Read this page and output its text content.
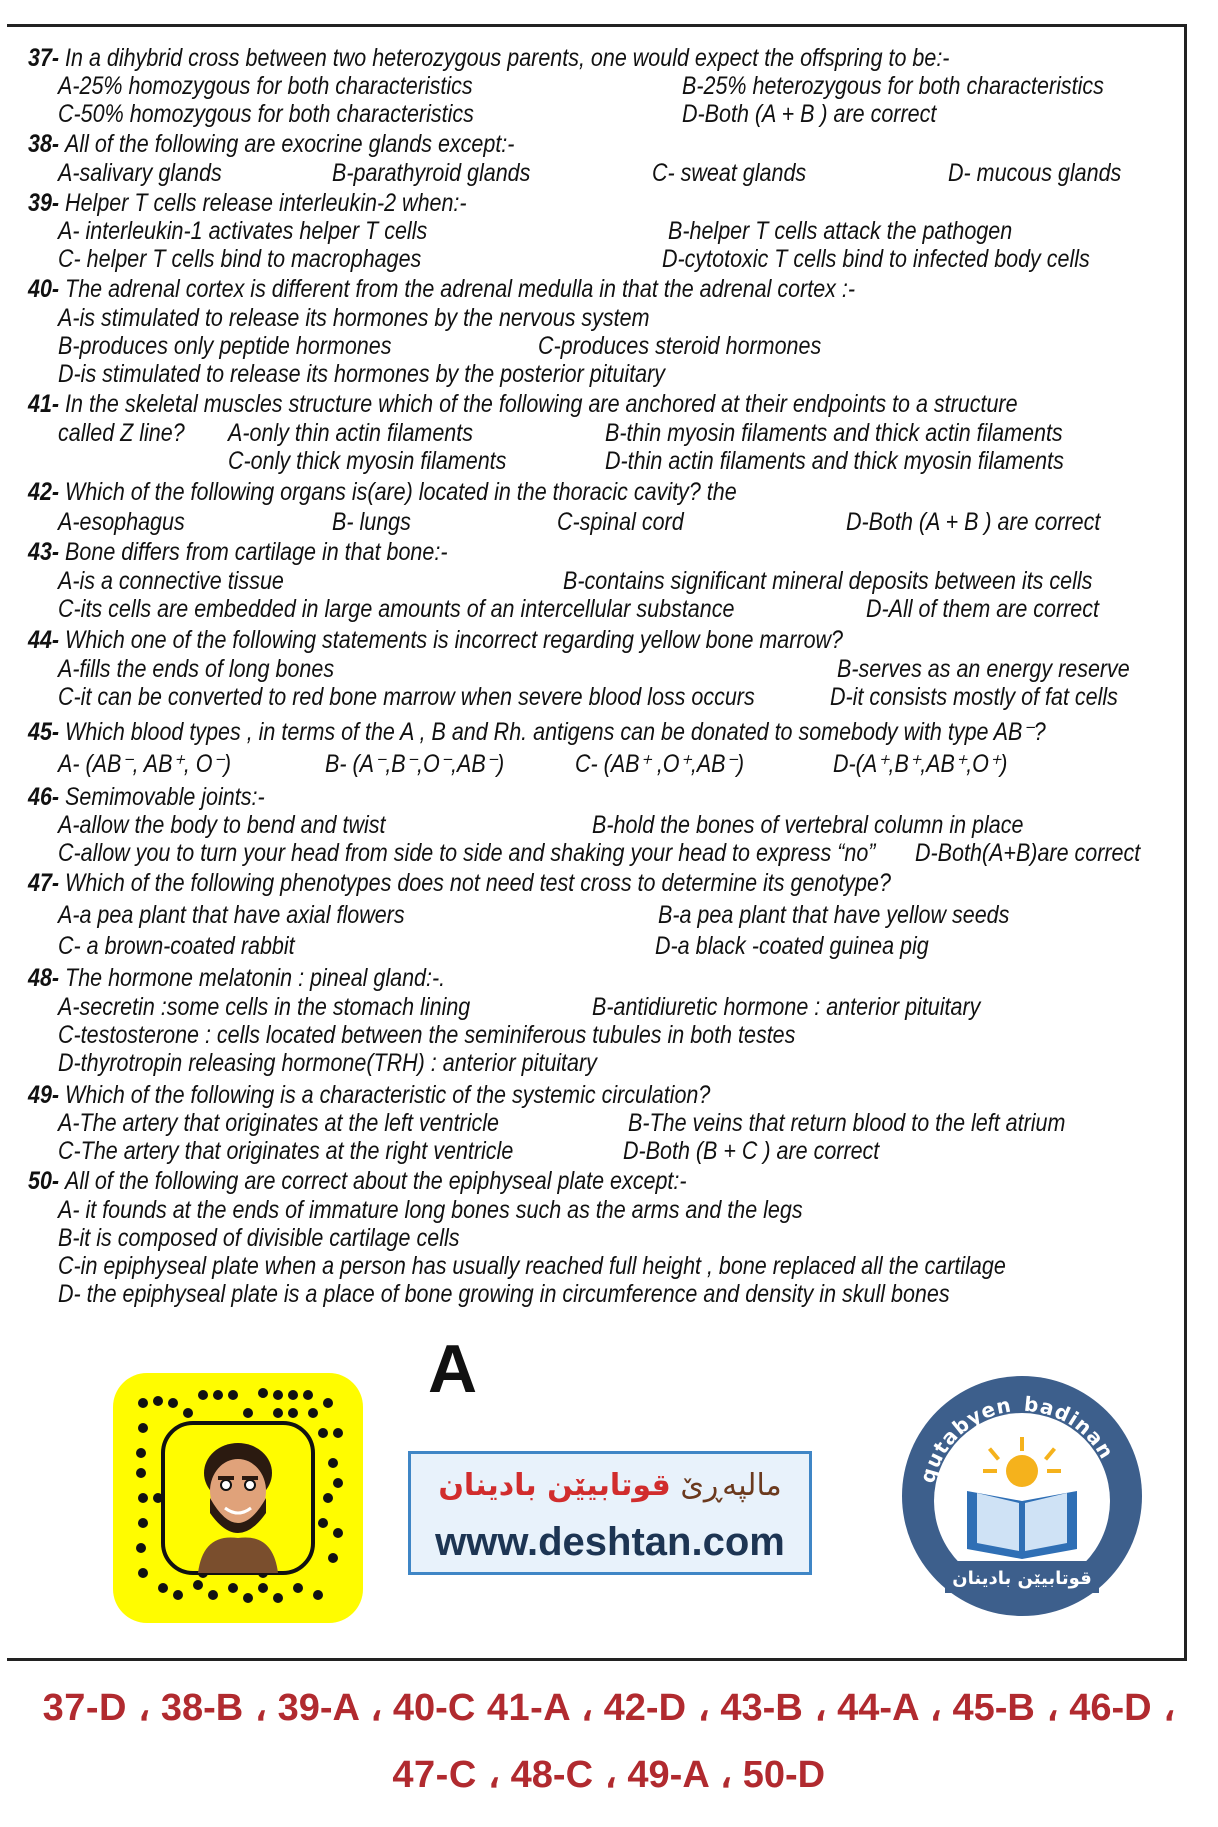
37- In a dihybrid cross between two heterozygous parents, one would expect the offspring to be:-
A-25% homozygous for both characteristics	B-25% heterozygous for both characteristics
C-50% homozygous for both characteristics	D-Both (A + B ) are correct
38- All of the following are exocrine glands except:-
A-salivary glands	B-parathyroid glands	C- sweat glands	D- mucous glands
39- Helper T cells release interleukin-2 when:-
A- interleukin-1 activates helper T cells	B-helper T cells attack the pathogen
C- helper T cells bind to macrophages	D-cytotoxic T cells bind to infected body cells
40- The adrenal cortex is different from the adrenal medulla in that the adrenal cortex :-
A-is stimulated to release its hormones by the nervous system
B-produces only peptide hormones	C-produces steroid hormones
D-is stimulated to release its hormones by the posterior pituitary
41- In the skeletal muscles structure which of the following are anchored at their endpoints to a structure
called Z line? A-only thin actin filaments	B-thin myosin filaments and thick actin filaments
C-only thick myosin filaments	D-thin actin filaments and thick myosin filaments
42- Which of the following organs is(are) located in the thoracic cavity? the
A-esophagus	B- lungs	C-spinal cord	D-Both (A + B ) are correct
43- Bone differs from cartilage in that bone:-
A-is a connective tissue	B-contains significant mineral deposits between its cells
C-its cells are embedded in large amounts of an intercellular substance	D-All of them are correct
44- Which one of the following statements is incorrect regarding yellow bone marrow?
A-fills the ends of long bones	B-serves as an energy reserve
C-it can be converted to red bone marrow when severe blood loss occurs	D-it consists mostly of fat cells
45- Which blood types , in terms of the A , B and Rh. antigens can be donated to somebody with type AB⁻?
A- (AB⁻, AB⁺, O⁻)	B- (A⁻,B⁻,O⁻,AB⁻)	C- (AB⁺ ,O⁺,AB⁻)	D-(A⁺,B⁺,AB⁺,O⁺)
46- Semimovable joints:-
A-allow the body to bend and twist	B-hold the bones of vertebral column in place
C-allow you to turn your head from side to side and shaking your head to express “no” D-Both(A+B)are correct
47- Which of the following phenotypes does not need test cross to determine its genotype?
A-a pea plant that have axial flowers	B-a pea plant that have yellow seeds
C- a brown-coated rabbit	D-a black -coated guinea pig
48- The hormone melatonin : pineal gland:-.
A-secretin :some cells in the stomach lining	B-antidiuretic hormone : anterior pituitary
C-testosterone : cells located between the seminiferous tubules in both testes
D-thyrotropin releasing hormone(TRH) : anterior pituitary
49- Which of the following is a characteristic of the systemic circulation?
A-The artery that originates at the left ventricle	B-The veins that return blood to the left atrium
C-The artery that originates at the right ventricle	D-Both (B + C ) are correct
50- All of the following are correct about the epiphyseal plate except:-
A- it founds at the ends of immature long bones such as the arms and the legs
B-it is composed of divisible cartilage cells
C-in epiphyseal plate when a person has usually reached full height , bone replaced all the cartilage
D- the epiphyseal plate is a place of bone growing in circumference and density in skull bones
A
مالپەڕێ قوتابیێن بادینان
www.deshtan.com
qutabyen_badinan
قوتابیێن بادینان
★	★
37-D ، 38-B ، 39-A ، 40-C 41-A ، 42-D ، 43-B ، 44-A ، 45-B ، 46-D ،
47-C ، 48-C ، 49-A ، 50-D
